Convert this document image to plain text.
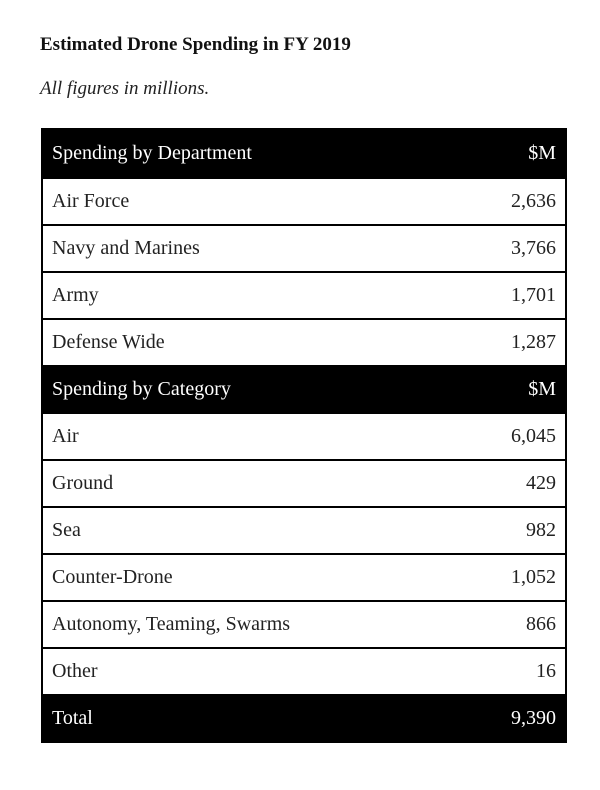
Estimated Drone Spending in FY 2019
All figures in millions.
Spending by Department	$M
Air Force	2,636
Navy and Marines	3,766
Army	1,701
Defense Wide	1,287
Spending by Category	$M
Air	6,045
Ground	429
Sea	982
Counter-Drone	1,052
Autonomy, Teaming, Swarms	866
Other	16
Total	9,390
